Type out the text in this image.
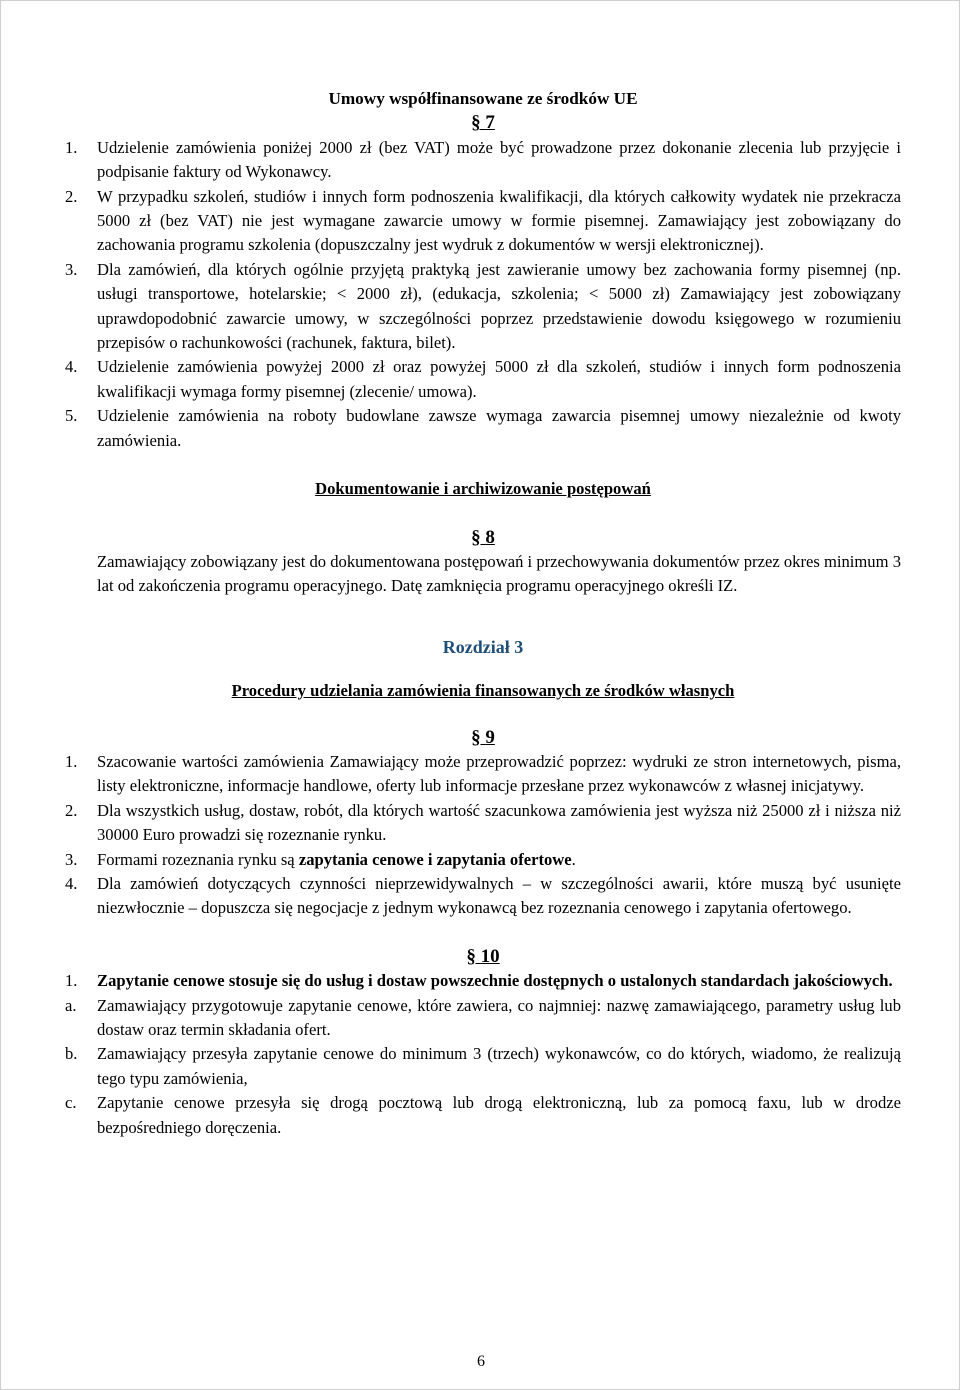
Umowy współfinansowane ze środków UE
§ 7
1. Udzielenie zamówienia poniżej 2000 zł (bez VAT) może być prowadzone przez dokonanie zlecenia lub przyjęcie i podpisanie faktury od Wykonawcy.
2. W przypadku szkoleń, studiów i innych form podnoszenia kwalifikacji, dla których całkowity wydatek nie przekracza 5000 zł (bez VAT) nie jest wymagane zawarcie umowy w formie pisemnej. Zamawiający jest zobowiązany do zachowania programu szkolenia (dopuszczalny jest wydruk z dokumentów w wersji elektronicznej).
3. Dla zamówień, dla których ogólnie przyjętą praktyką jest zawieranie umowy bez zachowania formy pisemnej (np. usługi transportowe, hotelarskie; < 2000 zł), (edukacja, szkolenia; < 5000 zł) Zamawiający jest zobowiązany uprawdopodobnić zawarcie umowy, w szczególności poprzez przedstawienie dowodu księgowego w rozumieniu przepisów o rachunkowości (rachunek, faktura, bilet).
4. Udzielenie zamówienia powyżej 2000 zł oraz powyżej 5000 zł dla szkoleń, studiów i innych form podnoszenia kwalifikacji wymaga formy pisemnej (zlecenie/ umowa).
5. Udzielenie zamówienia na roboty budowlane zawsze wymaga zawarcia pisemnej umowy niezależnie od kwoty zamówienia.
Dokumentowanie i archiwizowanie postępowań
§ 8
Zamawiający zobowiązany jest do dokumentowana postępowań i przechowywania dokumentów przez okres minimum 3 lat od zakończenia programu operacyjnego. Datę zamknięcia programu operacyjnego określi IZ.
Rozdział 3
Procedury udzielania zamówienia finansowanych ze środków własnych
§ 9
1. Szacowanie wartości zamówienia Zamawiający może przeprowadzić poprzez: wydruki ze stron internetowych, pisma, listy elektroniczne, informacje handlowe, oferty lub informacje przesłane przez wykonawców z własnej inicjatywy.
2. Dla wszystkich usług, dostaw, robót, dla których wartość szacunkowa zamówienia jest wyższa niż 25000 zł i niższa niż 30000 Euro prowadzi się rozeznanie rynku.
3. Formami rozeznania rynku są zapytania cenowe i zapytania ofertowe.
4. Dla zamówień dotyczących czynności nieprzewidywalnych – w szczególności awarii, które muszą być usunięte niezwłocznie – dopuszcza się negocjacje z jednym wykonawcą bez rozeznania cenowego i zapytania ofertowego.
§ 10
1. Zapytanie cenowe stosuje się do usług i dostaw powszechnie dostępnych o ustalonych standardach jakościowych.
a. Zamawiający przygotowuje zapytanie cenowe, które zawiera, co najmniej: nazwę zamawiającego, parametry usług lub dostaw oraz termin składania ofert.
b. Zamawiający przesyła zapytanie cenowe do minimum 3 (trzech) wykonawców, co do których, wiadomo, że realizują tego typu zamówienia,
c. Zapytanie cenowe przesyła się drogą pocztową lub drogą elektroniczną, lub za pomocą faxu, lub w drodze bezpośredniego doręczenia.
6
